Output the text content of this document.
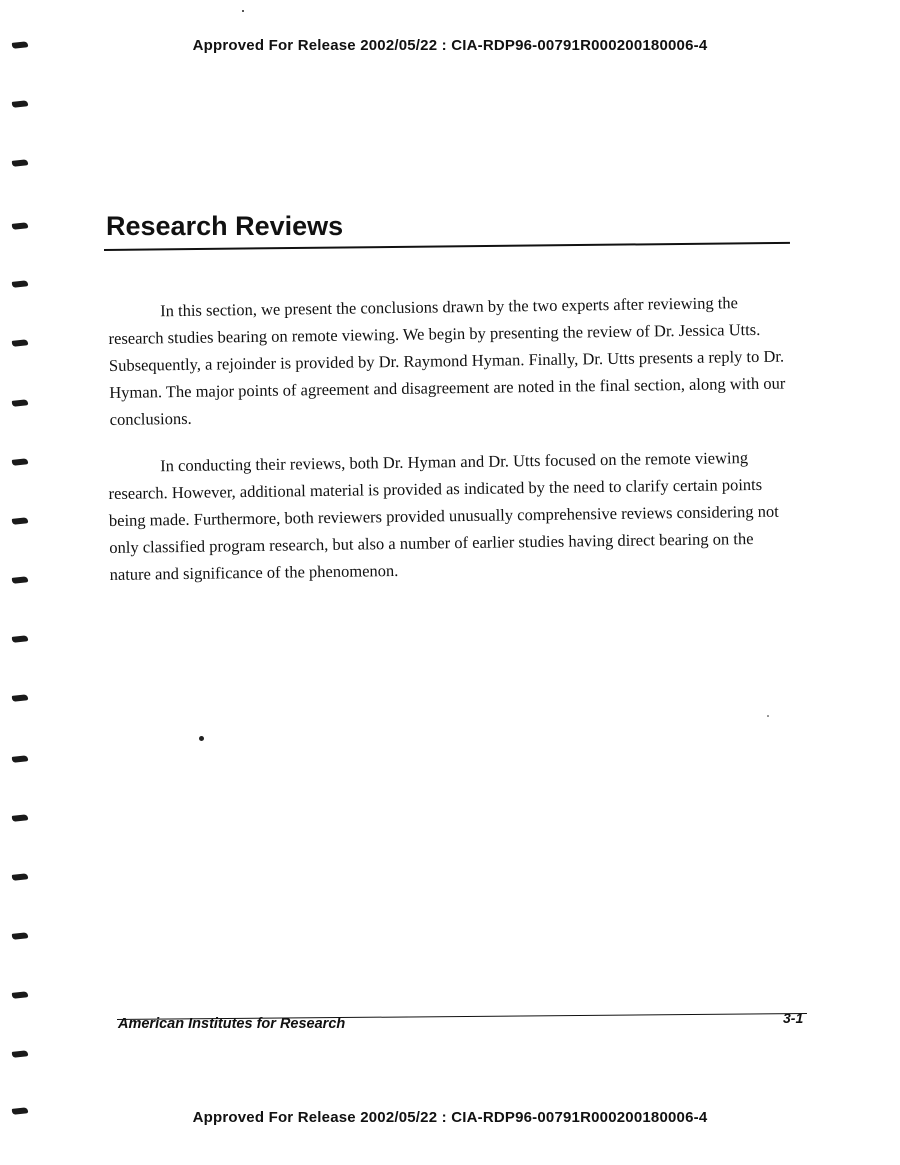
Approved For Release 2002/05/22 : CIA-RDP96-00791R000200180006-4
Research Reviews

In this section, we present the conclusions drawn by the two experts after reviewing the research studies bearing on remote viewing. We begin by presenting the review of Dr. Jessica Utts. Subsequently, a rejoinder is provided by Dr. Raymond Hyman. Finally, Dr. Utts presents a reply to Dr. Hyman. The major points of agreement and disagreement are noted in the final section, along with our conclusions.

In conducting their reviews, both Dr. Hyman and Dr. Utts focused on the remote viewing research. However, additional material is provided as indicated by the need to clarify certain points being made. Furthermore, both reviewers provided unusually comprehensive reviews considering not only classified program research, but also a number of earlier studies having direct bearing on the nature and significance of the phenomenon.

American Institutes for Research	3-1
Approved For Release 2002/05/22 : CIA-RDP96-00791R000200180006-4
